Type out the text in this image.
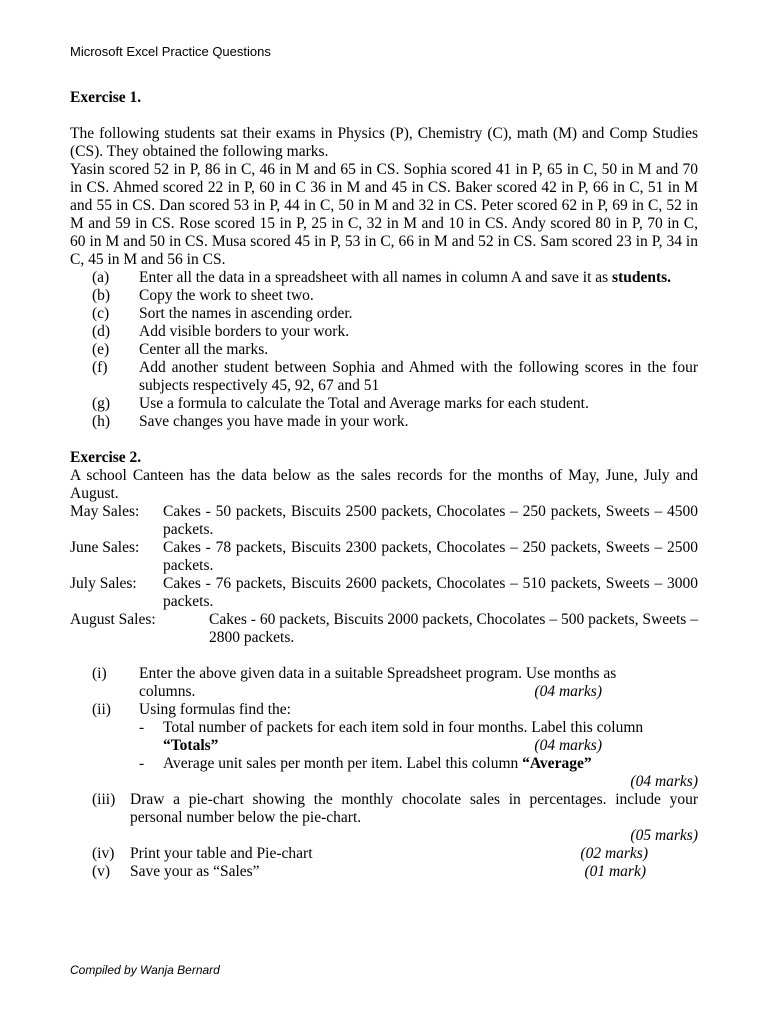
Microsoft Excel Practice Questions

Exercise 1.

The following students sat their exams in Physics (P), Chemistry (C), math (M) and Comp Studies (CS). They obtained the following marks.

Yasin scored 52 in P, 86 in C, 46 in M and 65 in CS. Sophia scored 41 in P, 65 in C, 50 in M and 70 in CS. Ahmed scored 22 in P, 60 in C 36 in M and 45 in CS. Baker scored 42 in P, 66 in C, 51 in M and 55 in CS. Dan scored 53 in P, 44 in C, 50 in M and 32 in CS. Peter scored 62 in P, 69 in C, 52 in M and 59 in CS. Rose scored 15 in P, 25 in C, 32 in M and 10 in CS. Andy scored 80 in P, 70 in C, 60 in M and 50 in CS. Musa scored 45 in P, 53 in C, 66 in M and 52 in CS. Sam scored 23 in P, 34 in C, 45 in M and 56 in CS.

(a)	Enter all the data in a spreadsheet with all names in column A and save it as students.
(b)	Copy the work to sheet two.
(c)	Sort the names in ascending order.
(d)	Add visible borders to your work.
(e)	Center all the marks.
(f)	Add another student between Sophia and Ahmed with the following scores in the four subjects respectively 45, 92, 67 and 51
(g)	Use a formula to calculate the Total and Average marks for each student.
(h)	Save changes you have made in your work.

Exercise 2.

A school Canteen has the data below as the sales records for the months of May, June, July and August.

May Sales:	Cakes - 50 packets, Biscuits 2500 packets, Chocolates – 250 packets, Sweets – 4500 packets.
June Sales:	Cakes - 78 packets, Biscuits 2300 packets, Chocolates – 250 packets, Sweets – 2500 packets.
July Sales:	Cakes - 76 packets, Biscuits 2600 packets, Chocolates – 510 packets, Sweets – 3000 packets.
August Sales:	Cakes - 60 packets, Biscuits 2000 packets, Chocolates – 500 packets, Sweets – 2800 packets.
(i)	Enter the above given data in a suitable Spreadsheet program. Use months as

columns.	(04 marks)
(ii)	Using formulas find the:
-	Total number of packets for each item sold in four months. Label this column

“Totals”	(04 marks)
-	Average unit sales per month per item. Label this column “Average”
(04 marks)
(iii) Draw a pie-chart showing the monthly chocolate sales in percentages. include your personal number below the pie-chart.
(05 marks)
(iv)	Print your table and Pie-chart	(02 marks)
(v)	Save your as “Sales”	(01 mark)
Compiled by Wanja Bernard
